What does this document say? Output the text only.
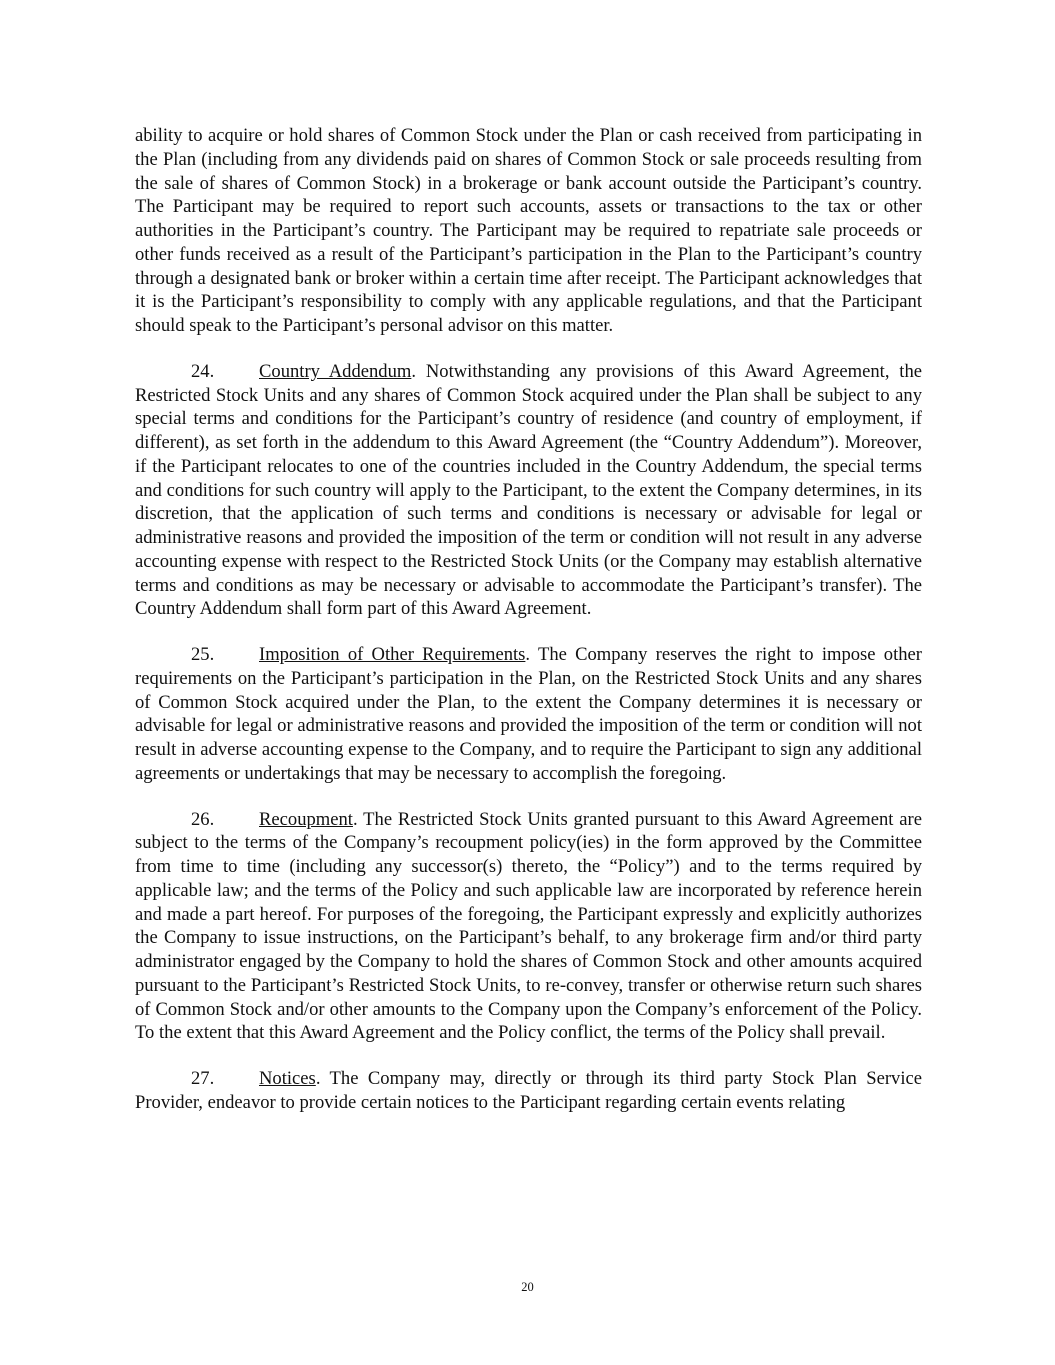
ability to acquire or hold shares of Common Stock under the Plan or cash received from participating in the Plan (including from any dividends paid on shares of Common Stock or sale proceeds resulting from the sale of shares of Common Stock) in a brokerage or bank account outside the Participant’s country. The Participant may be required to report such accounts, assets or transactions to the tax or other authorities in the Participant’s country. The Participant may be required to repatriate sale proceeds or other funds received as a result of the Participant’s participation in the Plan to the Participant’s country through a designated bank or broker within a certain time after receipt. The Participant acknowledges that it is the Participant’s responsibility to comply with any applicable regulations, and that the Participant should speak to the Participant’s personal advisor on this matter.

24. Country Addendum. Notwithstanding any provisions of this Award Agreement, the Restricted Stock Units and any shares of Common Stock acquired under the Plan shall be subject to any special terms and conditions for the Participant’s country of residence (and country of employment, if different), as set forth in the addendum to this Award Agreement (the “Country Addendum”). Moreover, if the Participant relocates to one of the countries included in the Country Addendum, the special terms and conditions for such country will apply to the Participant, to the extent the Company determines, in its discretion, that the application of such terms and conditions is necessary or advisable for legal or administrative reasons and provided the imposition of the term or condition will not result in any adverse accounting expense with respect to the Restricted Stock Units (or the Company may establish alternative terms and conditions as may be necessary or advisable to accommodate the Participant’s transfer). The Country Addendum shall form part of this Award Agreement.

25. Imposition of Other Requirements. The Company reserves the right to impose other requirements on the Participant’s participation in the Plan, on the Restricted Stock Units and any shares of Common Stock acquired under the Plan, to the extent the Company determines it is necessary or advisable for legal or administrative reasons and provided the imposition of the term or condition will not result in adverse accounting expense to the Company, and to require the Participant to sign any additional agreements or undertakings that may be necessary to accomplish the foregoing.

26. Recoupment. The Restricted Stock Units granted pursuant to this Award Agreement are subject to the terms of the Company’s recoupment policy(ies) in the form approved by the Committee from time to time (including any successor(s) thereto, the “Policy”) and to the terms required by applicable law; and the terms of the Policy and such applicable law are incorporated by reference herein and made a part hereof. For purposes of the foregoing, the Participant expressly and explicitly authorizes the Company to issue instructions, on the Participant’s behalf, to any brokerage firm and/or third party administrator engaged by the Company to hold the shares of Common Stock and other amounts acquired pursuant to the Participant’s Restricted Stock Units, to re-convey, transfer or otherwise return such shares of Common Stock and/or other amounts to the Company upon the Company’s enforcement of the Policy. To the extent that this Award Agreement and the Policy conflict, the terms of the Policy shall prevail.

27. Notices. The Company may, directly or through its third party Stock Plan Service Provider, endeavor to provide certain notices to the Participant regarding certain events relating

20
